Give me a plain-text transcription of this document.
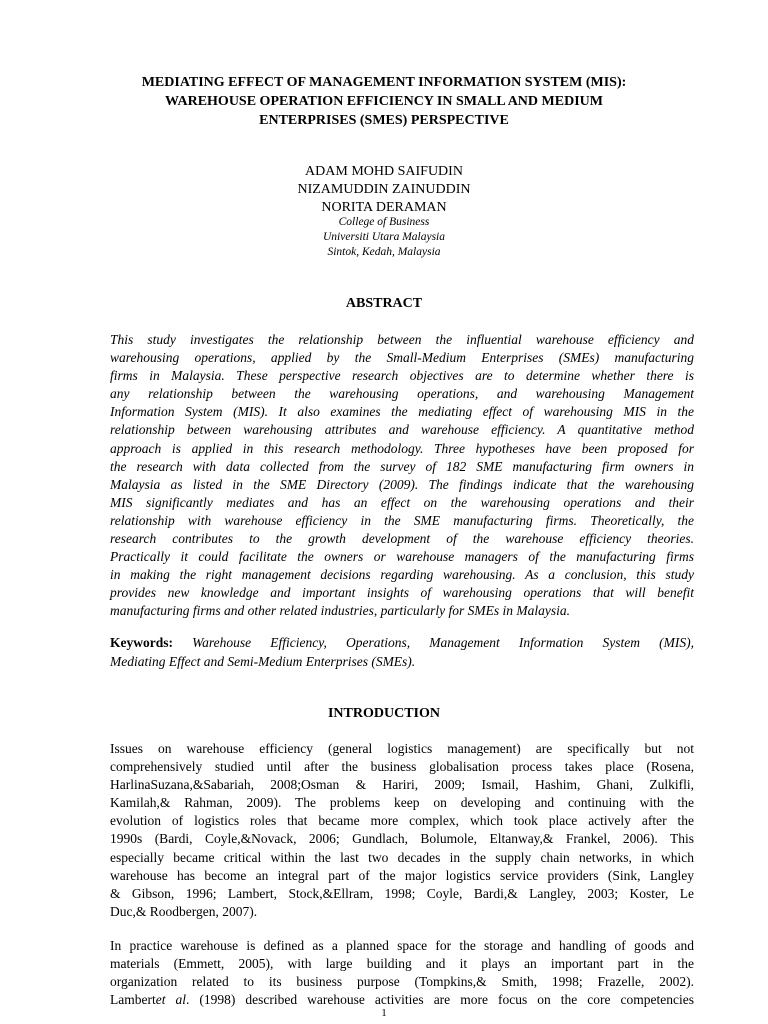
MEDIATING EFFECT OF MANAGEMENT INFORMATION SYSTEM (MIS):
WAREHOUSE OPERATION EFFICIENCY IN SMALL AND MEDIUM
ENTERPRISES (SMES) PERSPECTIVE
ADAM MOHD SAIFUDIN
NIZAMUDDIN ZAINUDDIN
NORITA DERAMAN
College of Business
Universiti Utara Malaysia
Sintok, Kedah, Malaysia
ABSTRACT
This study investigates the relationship between the influential warehouse efficiency and
warehousing operations, applied by the Small-Medium Enterprises (SMEs) manufacturing
firms in Malaysia. These perspective research objectives are to determine whether there is
any relationship between the warehousing operations, and warehousing Management
Information System (MIS). It also examines the mediating effect of warehousing MIS in the
relationship between warehousing attributes and warehouse efficiency. A quantitative method
approach is applied in this research methodology. Three hypotheses have been proposed for
the research with data collected from the survey of 182 SME manufacturing firm owners in
Malaysia as listed in the SME Directory (2009). The findings indicate that the warehousing
MIS significantly mediates and has an effect on the warehousing operations and their
relationship with warehouse efficiency in the SME manufacturing firms. Theoretically, the
research contributes to the growth development of the warehouse efficiency theories.
Practically it could facilitate the owners or warehouse managers of the manufacturing firms
in making the right management decisions regarding warehousing. As a conclusion, this study
provides new knowledge and important insights of warehousing operations that will benefit
manufacturing firms and other related industries, particularly for SMEs in Malaysia.
Keywords: Warehouse Efficiency, Operations, Management Information System (MIS),
Mediating Effect and Semi-Medium Enterprises (SMEs).
INTRODUCTION
Issues on warehouse efficiency (general logistics management) are specifically but not
comprehensively studied until after the business globalisation process takes place (Rosena,
HarlinaSuzana,&Sabariah, 2008;Osman & Hariri, 2009; Ismail, Hashim, Ghani, Zulkifli,
Kamilah,& Rahman, 2009). The problems keep on developing and continuing with the
evolution of logistics roles that became more complex, which took place actively after the
1990s (Bardi, Coyle,&Novack, 2006; Gundlach, Bolumole, Eltanway,& Frankel, 2006). This
especially became critical within the last two decades in the supply chain networks, in which
warehouse has become an integral part of the major logistics service providers (Sink, Langley
& Gibson, 1996; Lambert, Stock,&Ellram, 1998; Coyle, Bardi,& Langley, 2003; Koster, Le
Duc,& Roodbergen, 2007).
In practice warehouse is defined as a planned space for the storage and handling of goods and
materials (Emmett, 2005), with large building and it plays an important part in the
organization related to its business purpose (Tompkins,& Smith, 1998; Frazelle, 2002).
Lambertet al. (1998) described warehouse activities are more focus on the core competencies
1
